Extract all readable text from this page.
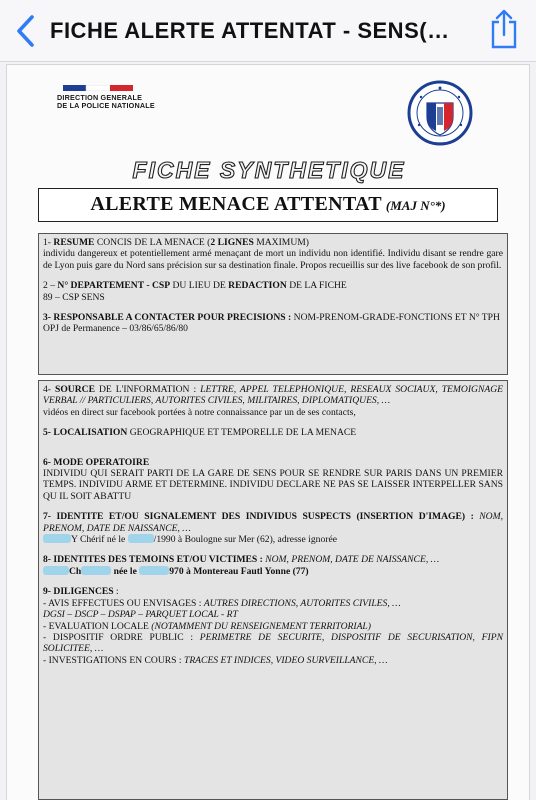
FICHE ALERTE ATTENTAT - SENS(…
DIRECTION GENERALE
DE LA POLICE NATIONALE
FICHE SYNTHETIQUE
ALERTE MENACE ATTENTAT (MAJ N°*)
1- RESUME CONCIS DE LA MENACE (2 LIGNES MAXIMUM)
individu dangereux et potentiellement armé menaçant de mort un individu non identifié. Individu disant se rendre gare de Lyon puis gare du Nord sans précision sur sa destination finale. Propos recueillis sur des live facebook de son profil.
2 – N° DEPARTEMENT - CSP DU LIEU DE REDACTION DE LA FICHE
89 – CSP SENS
3- RESPONSABLE A CONTACTER POUR PRECISIONS : NOM-PRENOM-GRADE-FONCTIONS ET N° TPH
OPJ de Permanence – 03/86/65/86/80
4- SOURCE DE L'INFORMATION : LETTRE, APPEL TELEPHONIQUE, RESEAUX SOCIAUX, TEMOIGNAGE VERBAL // PARTICULIERS, AUTORITES CIVILES, MILITAIRES, DIPLOMATIQUES, …
vidéos en direct sur facebook portées à notre connaissance par un de ses contacts,
5- LOCALISATION GEOGRAPHIQUE ET TEMPORELLE DE LA MENACE
6- MODE OPERATOIRE
INDIVIDU QUI SERAIT PARTI DE LA GARE DE SENS POUR SE RENDRE SUR PARIS DANS UN PREMIER TEMPS. INDIVIDU ARME ET DETERMINE. INDIVIDU DECLARE NE PAS SE LAISSER INTERPELLER SANS QU IL SOIT ABATTU
7- IDENTITE ET/OU SIGNALEMENT DES INDIVIDUS SUSPECTS (INSERTION D'IMAGE) : NOM, PRENOM, DATE DE NAISSANCE, …
Y Chérif né le	/1990 à Boulogne sur Mer (62), adresse ignorée
8- IDENTITES DES TEMOINS ET/OU VICTIMES : NOM, PRENOM, DATE DE NAISSANCE, …
Ch	née le	970 à Montereau Fautl Yonne (77)
9- DILIGENCES :
- AVIS EFFECTUES OU ENVISAGES : AUTRES DIRECTIONS, AUTORITES CIVILES, …
DGSI – DSCP – DSPAP – PARQUET LOCAL - RT
- EVALUATION LOCALE (NOTAMMENT DU RENSEIGNEMENT TERRITORIAL)
- DISPOSITIF ORDRE PUBLIC : PERIMETRE DE SECURITE, DISPOSITIF DE SECURISATION, FIPN SOLICITEE, …
- INVESTIGATIONS EN COURS : TRACES ET INDICES, VIDEO SURVEILLANCE, …
